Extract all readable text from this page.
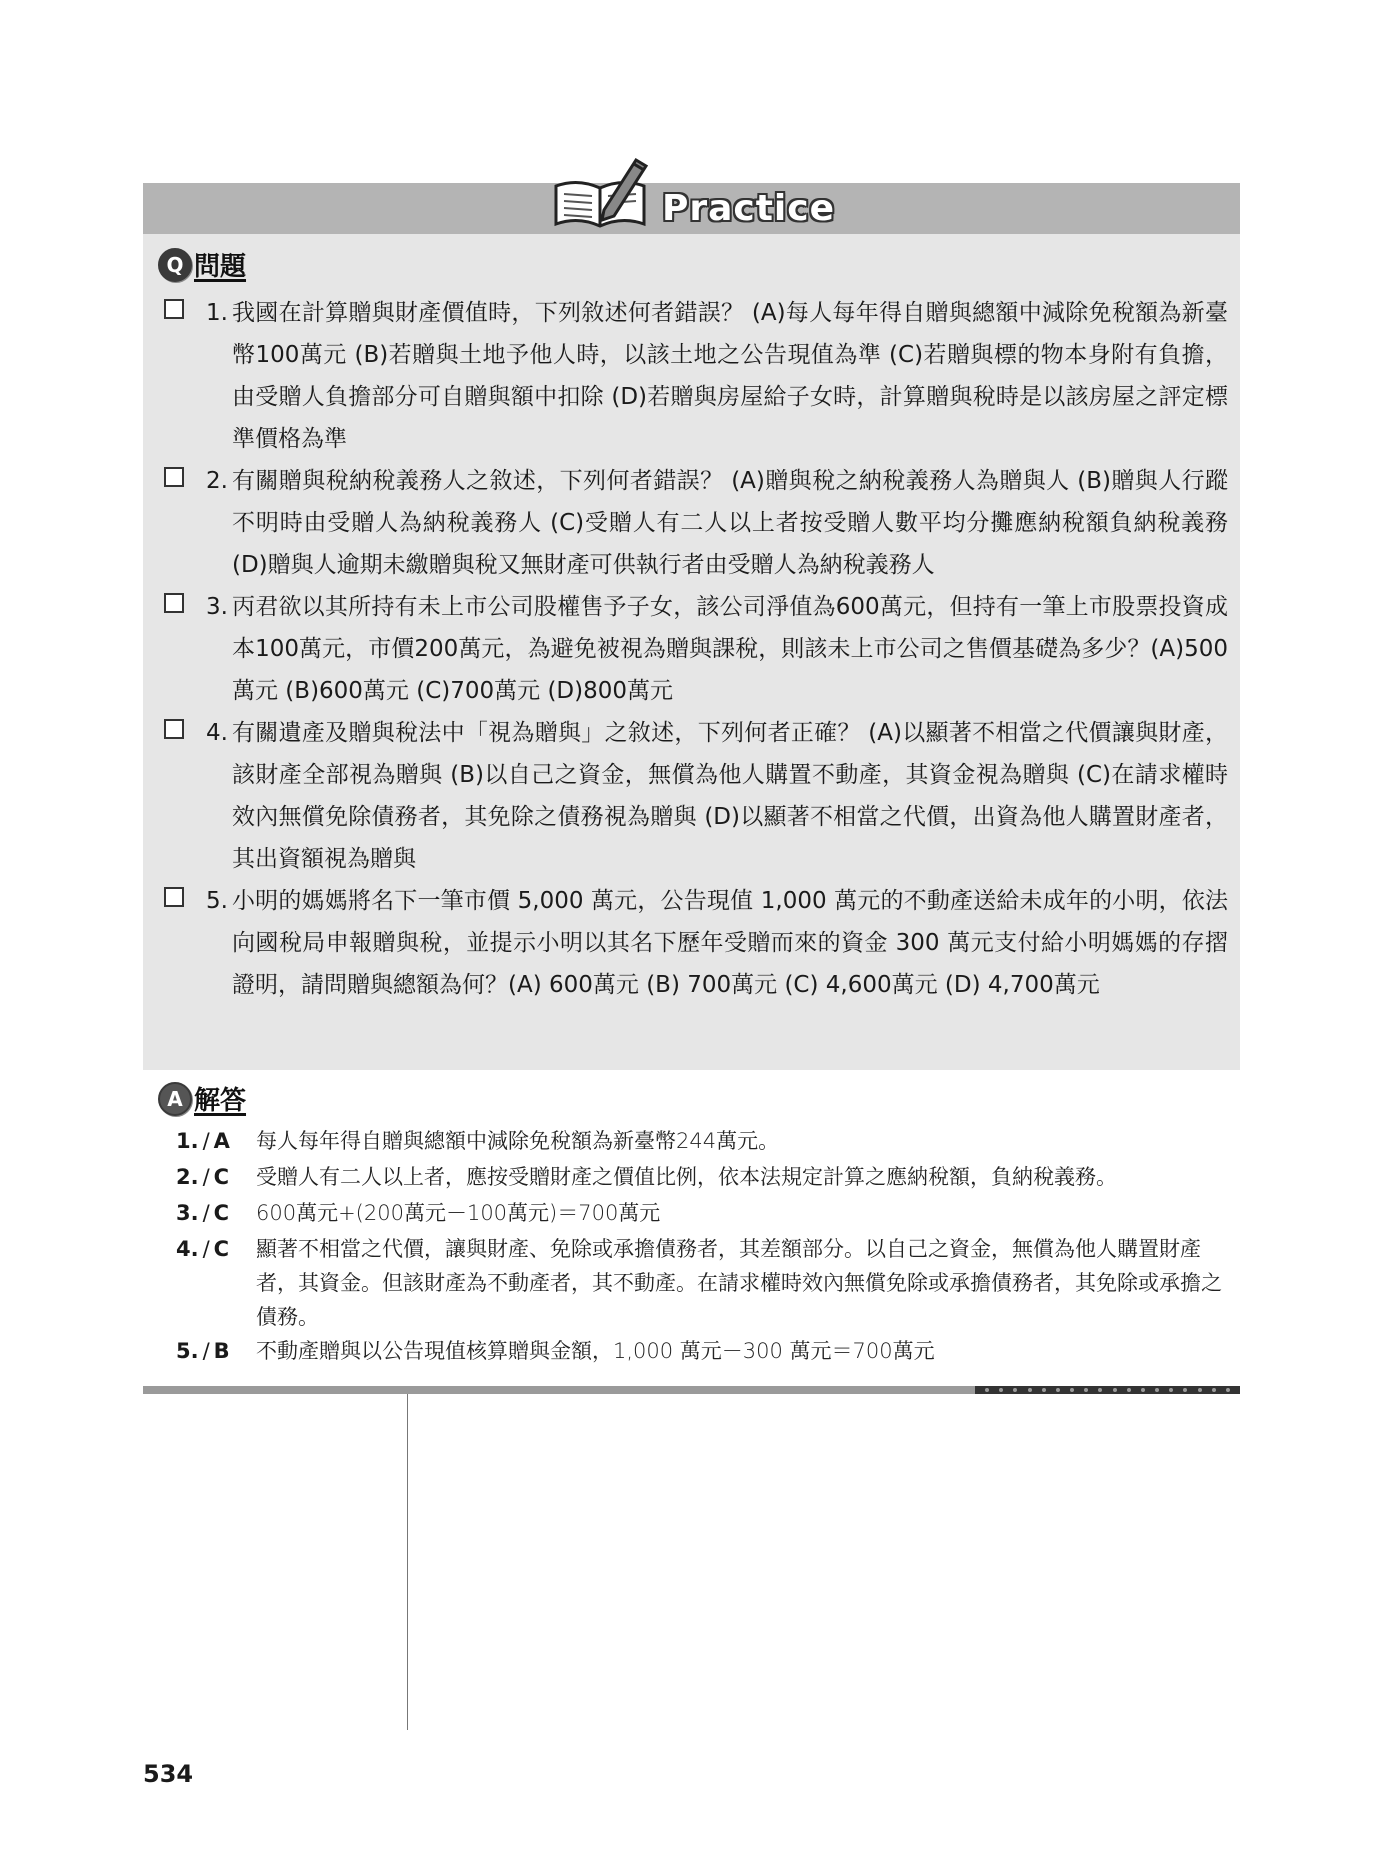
Practice
Q 問題
1. 我國在計算贈與財產價值時，下列敘述何者錯誤？ (A)每人每年得自贈與總額中減除免稅額為新臺幣100萬元 (B)若贈與土地予他人時，以該土地之公告現值為準 (C)若贈與標的物本身附有負擔，由受贈人負擔部分可自贈與額中扣除 (D)若贈與房屋給子女時，計算贈與稅時是以該房屋之評定標準價格為準
2. 有關贈與稅納稅義務人之敘述，下列何者錯誤？ (A)贈與稅之納稅義務人為贈與人 (B)贈與人行蹤不明時由受贈人為納稅義務人 (C)受贈人有二人以上者按受贈人數平均分攤應納稅額負納稅義務 (D)贈與人逾期未繳贈與稅又無財產可供執行者由受贈人為納稅義務人
3. 丙君欲以其所持有未上市公司股權售予子女，該公司淨值為600萬元，但持有一筆上市股票投資成本100萬元，市價200萬元，為避免被視為贈與課稅，則該未上市公司之售價基礎為多少？(A)500萬元 (B)600萬元 (C)700萬元 (D)800萬元
4. 有關遺產及贈與稅法中「視為贈與」之敘述，下列何者正確？ (A)以顯著不相當之代價讓與財產，該財產全部視為贈與 (B)以自己之資金，無償為他人購置不動產，其資金視為贈與 (C)在請求權時效內無償免除債務者，其免除之債務視為贈與 (D)以顯著不相當之代價，出資為他人購置財產者，其出資額視為贈與
5. 小明的媽媽將名下一筆市價 5,000 萬元，公告現值 1,000 萬元的不動產送給未成年的小明，依法向國稅局申報贈與稅，並提示小明以其名下歷年受贈而來的資金 300 萬元支付給小明媽媽的存摺證明，請問贈與總額為何？(A) 600萬元 (B) 700萬元 (C) 4,600萬元 (D) 4,700萬元
A 解答
1. / A 每人每年得自贈與總額中減除免稅額為新臺幣244萬元。
2. / C 受贈人有二人以上者，應按受贈財產之價值比例，依本法規定計算之應納稅額，負納稅義務。
3. / C 600萬元+(200萬元－100萬元)＝700萬元
4. / C 顯著不相當之代價，讓與財產、免除或承擔債務者，其差額部分。以自己之資金，無償為他人購置財產者，其資金。但該財產為不動產者，其不動產。在請求權時效內無償免除或承擔債務者，其免除或承擔之債務。
5. / B 不動產贈與以公告現值核算贈與金額，1,000 萬元－300 萬元＝700萬元
534
